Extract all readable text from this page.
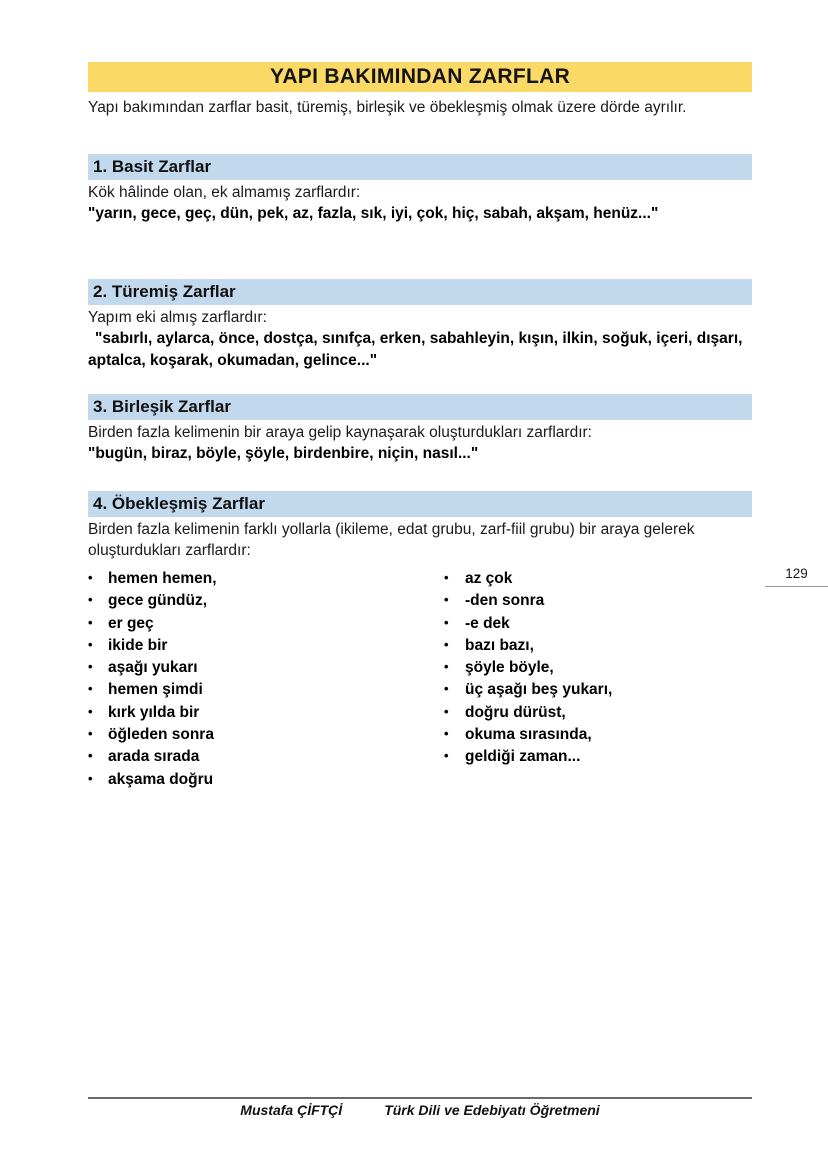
YAPI BAKIMINDAN ZARFLAR
Yapı bakımından zarflar basit, türemiş, birleşik ve öbekleşmiş olmak üzere dörde ayrılır.
1. Basit Zarflar
Kök hâlinde olan, ek almamış zarflardır:
"yarın, gece, geç, dün, pek, az, fazla, sık, iyi, çok, hiç, sabah, akşam, henüz..."
2. Türemiş Zarflar
Yapım eki almış zarflardır:
"sabırlı, aylarca, önce, dostça, sınıfça, erken, sabahleyin, kışın, ilkin, soğuk, içeri, dışarı, aptalca, koşarak, okumadan, gelince..."
3. Birleşik Zarflar
Birden fazla kelimenin bir araya gelip kaynaşarak oluşturdukları zarflardır:
"bugün, biraz, böyle, şöyle, birdenbire, niçin, nasıl..."
4. Öbekleşmiş Zarflar
Birden fazla kelimenin farklı yollarla (ikileme, edat grubu, zarf-fiil grubu) bir araya gelerek oluşturdukları zarflardır:
• hemen hemen,
• gece gündüz,
• er geç
• ikide bir
• aşağı yukarı
• hemen şimdi
• kırk yılda bir
• öğleden sonra
• arada sırada
• akşama doğru
• az çok
• -den sonra
• -e dek
• bazı bazı,
• şöyle böyle,
• üç aşağı beş yukarı,
• doğru dürüst,
• okuma sırasında,
• geldiği zaman...
129
Mustafa ÇİFTÇİ	Türk Dili ve Edebiyatı Öğretmeni
